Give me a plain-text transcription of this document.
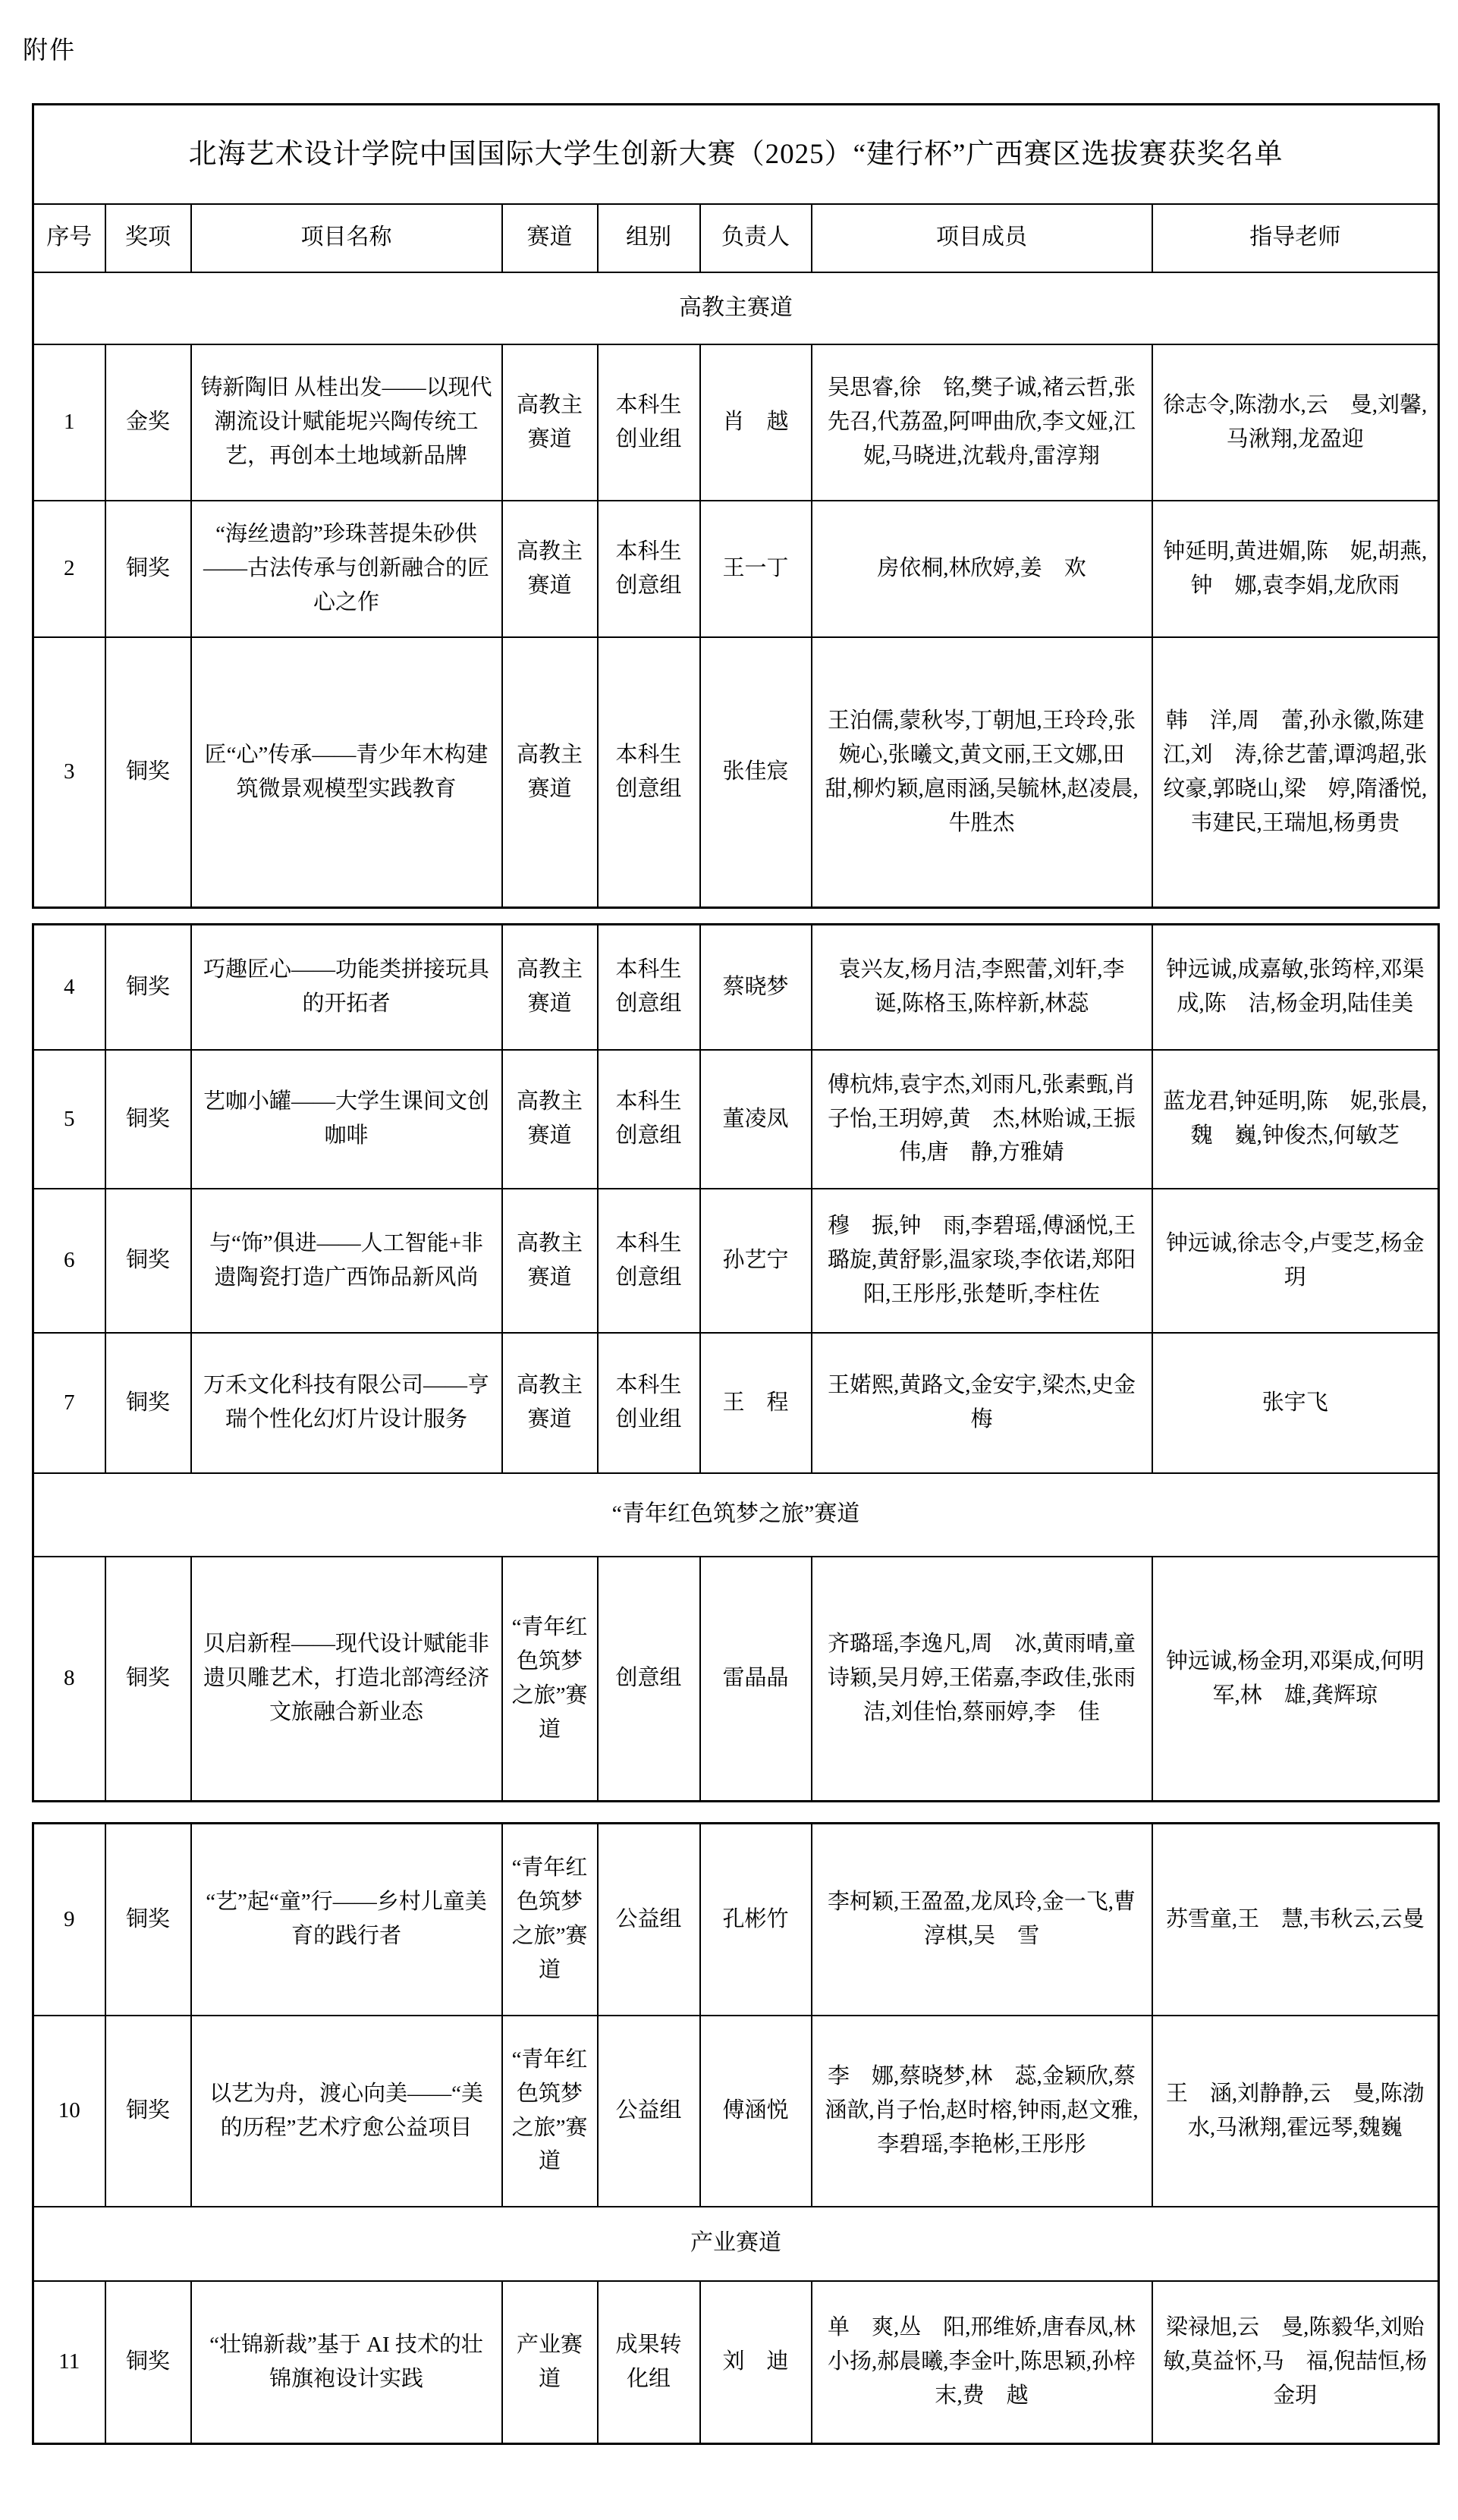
附件
北海艺术设计学院中国国际大学生创新大赛（2025）“建行杯”广西赛区选拔赛获奖名单							
序号	奖项	项目名称	赛道	组别	负责人	项目成员	指导老师
高教主赛道							
1	金奖	铸新陶旧 从桂出发——以现代潮流设计赋能坭兴陶传统工艺，再创本土地域新品牌	高教主赛道	本科生创业组	肖　越	吴思睿,徐　铭,樊子诚,褚云哲,张先召,代荔盈,阿呷曲欣,李文娅,江　妮,马晓进,沈载舟,雷淳翔	徐志令,陈渤水,云　曼,刘馨,马湫翔,龙盈迎
2	铜奖	“海丝遗韵”珍珠菩提朱砂供——古法传承与创新融合的匠心之作	高教主赛道	本科生创意组	王一丁	房依桐,林欣婷,姜　欢	钟延明,黄进媚,陈　妮,胡燕,钟　娜,袁李娟,龙欣雨
3	铜奖	匠“心”传承——青少年木构建筑微景观模型实践教育	高教主赛道	本科生创意组	张佳宸	王泊儒,蒙秋岑,丁朝旭,王玲玲,张婉心,张曦文,黄文丽,王文娜,田　甜,柳灼颖,扈雨涵,吴毓林,赵凌晨,牛胜杰	韩　洋,周　蕾,孙永徽,陈建江,刘　涛,徐艺蕾,谭鸿超,张纹豪,郭晓山,梁　婷,隋潘悦,韦建民,王瑞旭,杨勇贵
4	铜奖	巧趣匠心——功能类拼接玩具的开拓者	高教主赛道	本科生创意组	蔡晓梦	袁兴友,杨月洁,李熙蕾,刘轩,李　诞,陈格玉,陈梓新,林蕊	钟远诚,成嘉敏,张筠梓,邓渠成,陈　洁,杨金玥,陆佳美
5	铜奖	艺咖小罐——大学生课间文创咖啡	高教主赛道	本科生创意组	董凌凤	傅杭炜,袁宇杰,刘雨凡,张素甄,肖子怡,王玥婷,黄　杰,林贻诚,王振伟,唐　静,方雅婧	蓝龙君,钟延明,陈　妮,张晨,魏　巍,钟俊杰,何敏芝
6	铜奖	与“饰”俱进——人工智能+非遗陶瓷打造广西饰品新风尚	高教主赛道	本科生创意组	孙艺宁	穆　振,钟　雨,李碧瑶,傅涵悦,王璐旋,黄舒影,温家琰,李依诺,郑阳阳,王彤彤,张楚昕,李柱佐	钟远诚,徐志令,卢雯芝,杨金玥
7	铜奖	万禾文化科技有限公司——亨瑞个性化幻灯片设计服务	高教主赛道	本科生创业组	王　程	王婼熙,黄路文,金安宇,梁杰,史金梅	张宇飞
“青年红色筑梦之旅”赛道							
8	铜奖	贝启新程——现代设计赋能非遗贝雕艺术，打造北部湾经济文旅融合新业态	“青年红色筑梦之旅”赛道	创意组	雷晶晶	齐璐瑶,李逸凡,周　冰,黄雨晴,童诗颖,吴月婷,王偌嘉,李政佳,张雨洁,刘佳怡,蔡丽婷,李　佳	钟远诚,杨金玥,邓渠成,何明军,林　雄,龚辉琼
9	铜奖	“艺”起“童”行——乡村儿童美育的践行者	“青年红色筑梦之旅”赛道	公益组	孔彬竹	李柯颖,王盈盈,龙凤玲,金一飞,曹淳棋,吴　雪	苏雪童,王　慧,韦秋云,云曼
10	铜奖	以艺为舟，渡心向美——“美的历程”艺术疗愈公益项目	“青年红色筑梦之旅”赛道	公益组	傅涵悦	李　娜,蔡晓梦,林　蕊,金颖欣,蔡涵歆,肖子怡,赵时榕,钟雨,赵文雅,李碧瑶,李艳彬,王彤彤	王　涵,刘静静,云　曼,陈渤水,马湫翔,霍远琴,魏巍
产业赛道							
11	铜奖	“壮锦新裁”基于 AI 技术的壮锦旗袍设计实践	产业赛道	成果转化组	刘　迪	单　爽,丛　阳,邢维娇,唐春凤,林小扬,郝晨曦,李金叶,陈思颖,孙梓末,费　越	梁禄旭,云　曼,陈毅华,刘贻敏,莫益怀,马　福,倪喆恒,杨金玥
